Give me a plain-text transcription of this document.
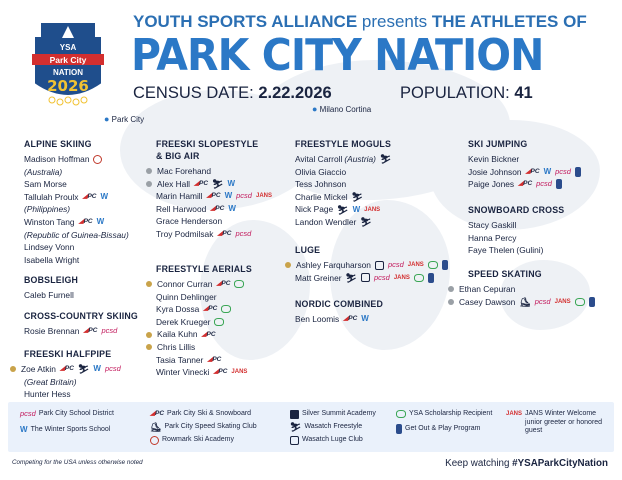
YSA
Park City
NATION
2026
YOUTH SPORTS ALLIANCE presents THE ATHLETES OF
PARK CITY NATION
CENSUS DATE: 2.22.2026	POPULATION: 41
● Park City
● Milano Cortina
ALPINE SKIING
Madison Hoffman
(Australia)
Sam Morse
Tallulah Proulx ◢PC W
(Philippines)
Winston Tang ◢PC W
(Republic of Guinea-Bissau)
Lindsey Vonn
Isabella Wright
BOBSLEIGH
Caleb Furnell
CROSS-COUNTRY SKIING
Rosie Brennan ◢PC pcsd
FREESKI HALFPIPE
Zoe Atkin ◢PC ⛷ W pcsd
(Great Britain)
Hunter Hess
FREESKI SLOPESTYLE
& BIG AIR
Mac Forehand
Alex Hall ◢PC ⛷ W
Marin Hamill ◢PC W pcsd JANS
Rell Harwood ◢PC W
Grace Henderson
Troy Podmilsak ◢PC pcsd
FREESTYLE AERIALS
Connor Curran ◢PC
Quinn Dehlinger
Kyra Dossa ◢PC
Derek Krueger
Kaila Kuhn ◢PC
Chris Lillis
Tasia Tanner ◢PC
Winter Vinecki ◢PC JANS
FREESTYLE MOGULS
Avital Carroll (Austria) ⛷
Olivia Giaccio
Tess Johnson
Charlie Mickel ⛷
Nick Page ⛷ W JANS
Landon Wendler ⛷
LUGE
Ashley Farquharson pcsd JANS
Matt Greiner ⛷ pcsd JANS
NORDIC COMBINED
Ben Loomis ◢PC W
SKI JUMPING
Kevin Bickner
Josie Johnson ◢PC W pcsd
Paige Jones ◢PC pcsd
SNOWBOARD CROSS
Stacy Gaskill
Hanna Percy
Faye Thelen (Gulini)
SPEED SKATING
Ethan Cepuran
Casey Dawson ⛸ pcsd JANS
pcsd Park City School District
W The Winter Sports School
◢PC Park City Ski & Snowboard
⛸ Park City Speed Skating Club
Rowmark Ski Academy
Silver Summit Academy
⛷ Wasatch Freestyle
Wasatch Luge Club
YSA Scholarship Recipient
Get Out & Play Program
JANS JANS Winter Welcome junior greeter or honored guest
Competing for the USA unless otherwise noted	Keep watching #YSAParkCityNation
